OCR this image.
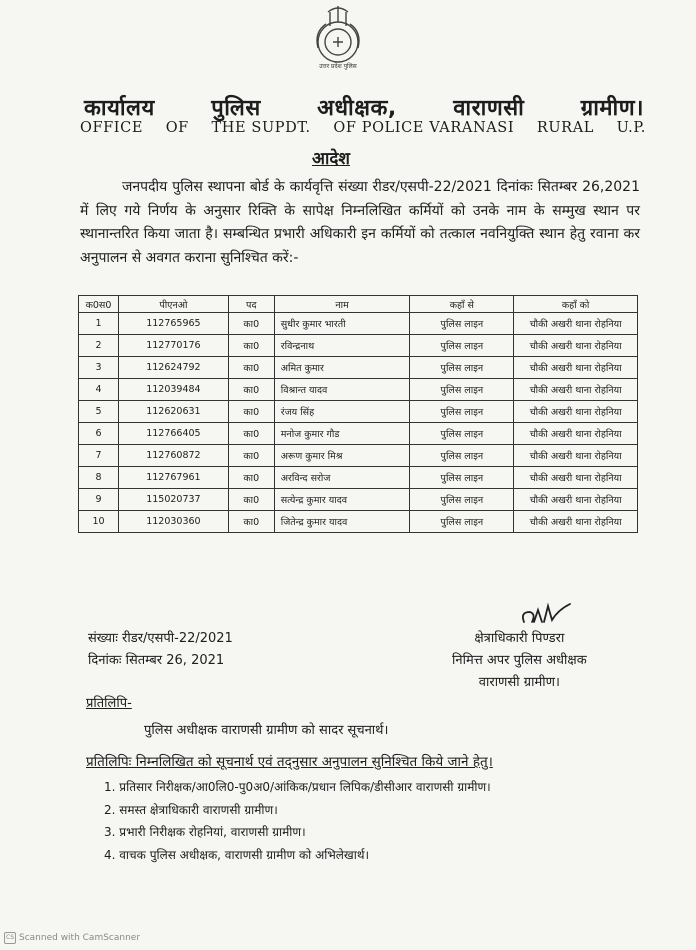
उत्तर प्रदेश पुलिस
कार्यालय	पुलिस	अधीक्षक,	वाराणसी	ग्रामीण।
OFFICE OF THE SUPDT. OF POLICE VARANASI RURAL U.P.
आदेश
जनपदीय पुलिस स्थापना बोर्ड के कार्यवृत्ति संख्या रीडर/एसपी-22/2021 दिनांकः सितम्बर 26,2021 में लिए गये निर्णय के अनुसार रिक्ति के सापेक्ष निम्नलिखित कर्मियों को उनके नाम के सम्मुख स्थान पर स्थानान्तरित किया जाता है। सम्बन्धित प्रभारी अधिकारी इन कर्मियों को तत्काल नवनियुक्ति स्थान हेतु रवाना कर अनुपालन से अवगत कराना सुनिश्चित करें:-
क0स0	पीएनओ	पद	नाम	कहाँ से	कहाँ को
1	112765965	का0	सुधीर कुमार भारती	पुलिस लाइन	चौकी अखरी थाना रोहनिया
2	112770176	का0	रविन्द्रनाथ	पुलिस लाइन	चौकी अखरी थाना रोहनिया
3	112624792	का0	अमित कुमार	पुलिस लाइन	चौकी अखरी थाना रोहनिया
4	112039484	का0	विश्रान्त यादव	पुलिस लाइन	चौकी अखरी थाना रोहनिया
5	112620631	का0	रंजय सिंह	पुलिस लाइन	चौकी अखरी थाना रोहनिया
6	112766405	का0	मनोज कुमार गौड	पुलिस लाइन	चौकी अखरी थाना रोहनिया
7	112760872	का0	अरूण कुमार मिश्र	पुलिस लाइन	चौकी अखरी थाना रोहनिया
8	112767961	का0	अरविन्द सरोज	पुलिस लाइन	चौकी अखरी थाना रोहनिया
9	115020737	का0	सत्येन्द्र कुमार यादव	पुलिस लाइन	चौकी अखरी थाना रोहनिया
10	112030360	का0	जितेन्द्र कुमार यादव	पुलिस लाइन	चौकी अखरी थाना रोहनिया
संख्याः रीडर/एसपी-22/2021
दिनांकः सितम्बर 26, 2021
क्षेत्राधिकारी पिण्डरा
निमित्त अपर पुलिस अधीक्षक
वाराणसी ग्रामीण।
प्रतिलिपि-
पुलिस अधीक्षक वाराणसी ग्रामीण को सादर सूचनार्थ।
प्रतिलिपिः निम्नलिखित को सूचनार्थ एवं तद्नुसार अनुपालन सुनिश्चित किये जाने हेतु।
1. प्रतिसार निरीक्षक/आ0लि0-पु0अ0/आंकिक/प्रधान लिपिक/डीसीआर वाराणसी ग्रामीण।
2. समस्त क्षेत्राधिकारी वाराणसी ग्रामीण।
3. प्रभारी निरीक्षक रोहनियां, वाराणसी ग्रामीण।
4. वाचक पुलिस अधीक्षक, वाराणसी ग्रामीण को अभिलेखार्थ।
CS Scanned with CamScanner
